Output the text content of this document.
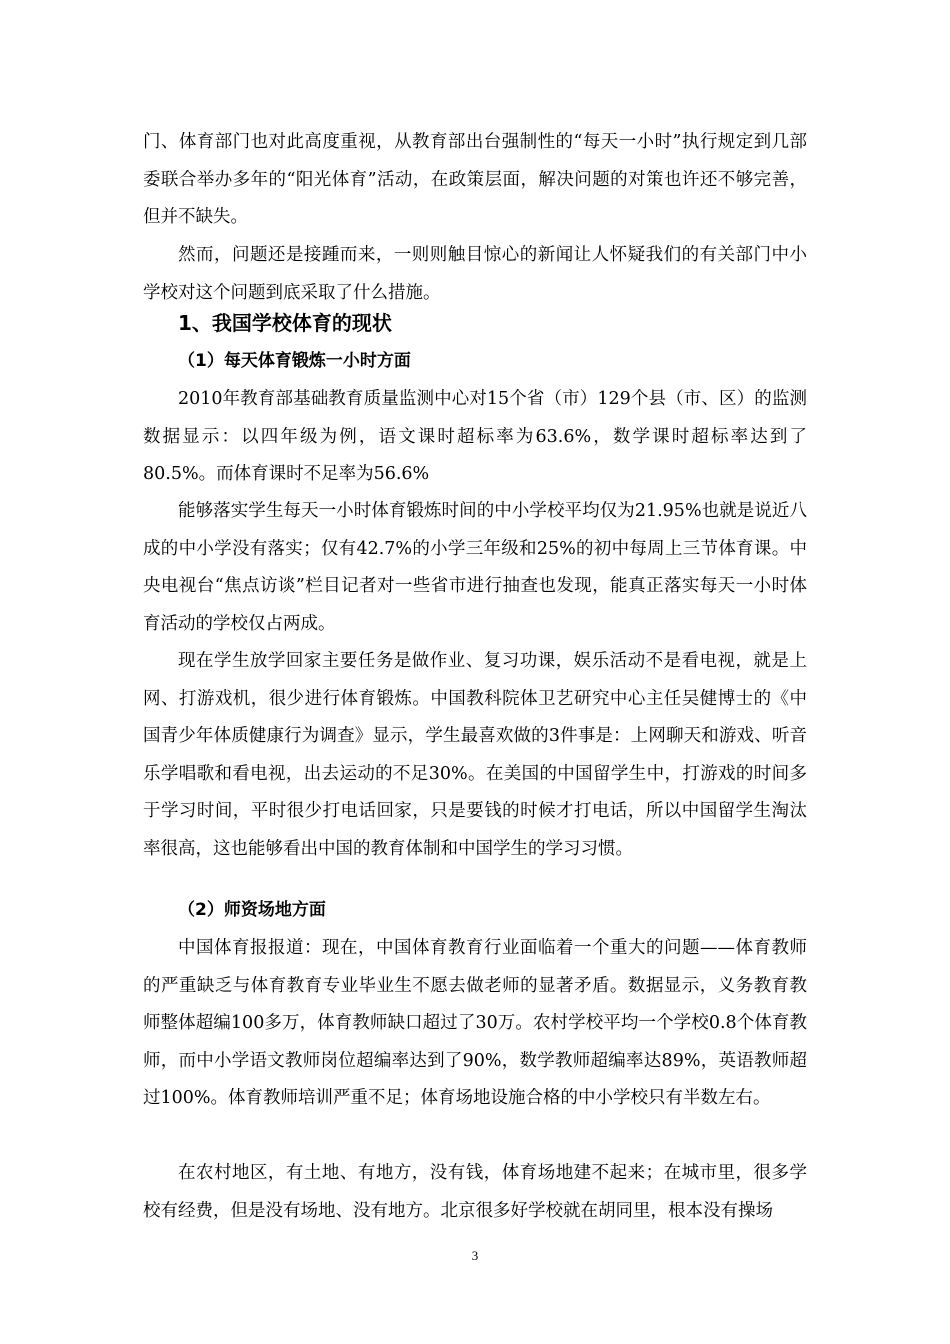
门、体育部门也对此高度重视，从教育部出台强制性的“每天一小时”执行规定到几部委联合举办多年的“阳光体育”活动，在政策层面，解决问题的对策也许还不够完善，但并不缺失。

然而，问题还是接踵而来，一则则触目惊心的新闻让人怀疑我们的有关部门中小学校对这个问题到底采取了什么措施。

1、我国学校体育的现状
（1）每天体育锻炼一小时方面

2010年教育部基础教育质量监测中心对15个省（市）129个县（市、区）的监测数据显示：以四年级为例，语文课时超标率为63.6%，数学课时超标率达到了80.5%。而体育课时不足率为56.6%

能够落实学生每天一小时体育锻炼时间的中小学校平均仅为21.95%也就是说近八成的中小学没有落实；仅有42.7%的小学三年级和25%的初中每周上三节体育课。中央电视台“焦点访谈”栏目记者对一些省市进行抽查也发现，能真正落实每天一小时体育活动的学校仅占两成。

现在学生放学回家主要任务是做作业、复习功课，娱乐活动不是看电视，就是上网、打游戏机，很少进行体育锻炼。中国教科院体卫艺研究中心主任吴健博士的《中国青少年体质健康行为调查》显示，学生最喜欢做的3件事是：上网聊天和游戏、听音乐学唱歌和看电视，出去运动的不足30%。在美国的中国留学生中，打游戏的时间多于学习时间，平时很少打电话回家，只是要钱的时候才打电话，所以中国留学生淘汰率很高，这也能够看出中国的教育体制和中国学生的学习习惯。

（2）师资场地方面

中国体育报报道：现在，中国体育教育行业面临着一个重大的问题——体育教师的严重缺乏与体育教育专业毕业生不愿去做老师的显著矛盾。数据显示，义务教育教师整体超编100多万，体育教师缺口超过了30万。农村学校平均一个学校0.8个体育教师，而中小学语文教师岗位超编率达到了90%，数学教师超编率达89%，英语教师超过100%。体育教师培训严重不足；体育场地设施合格的中小学校只有半数左右。

在农村地区，有土地、有地方，没有钱，体育场地建不起来；在城市里，很多学校有经费，但是没有场地、没有地方。北京很多好学校就在胡同里，根本没有操场

3
